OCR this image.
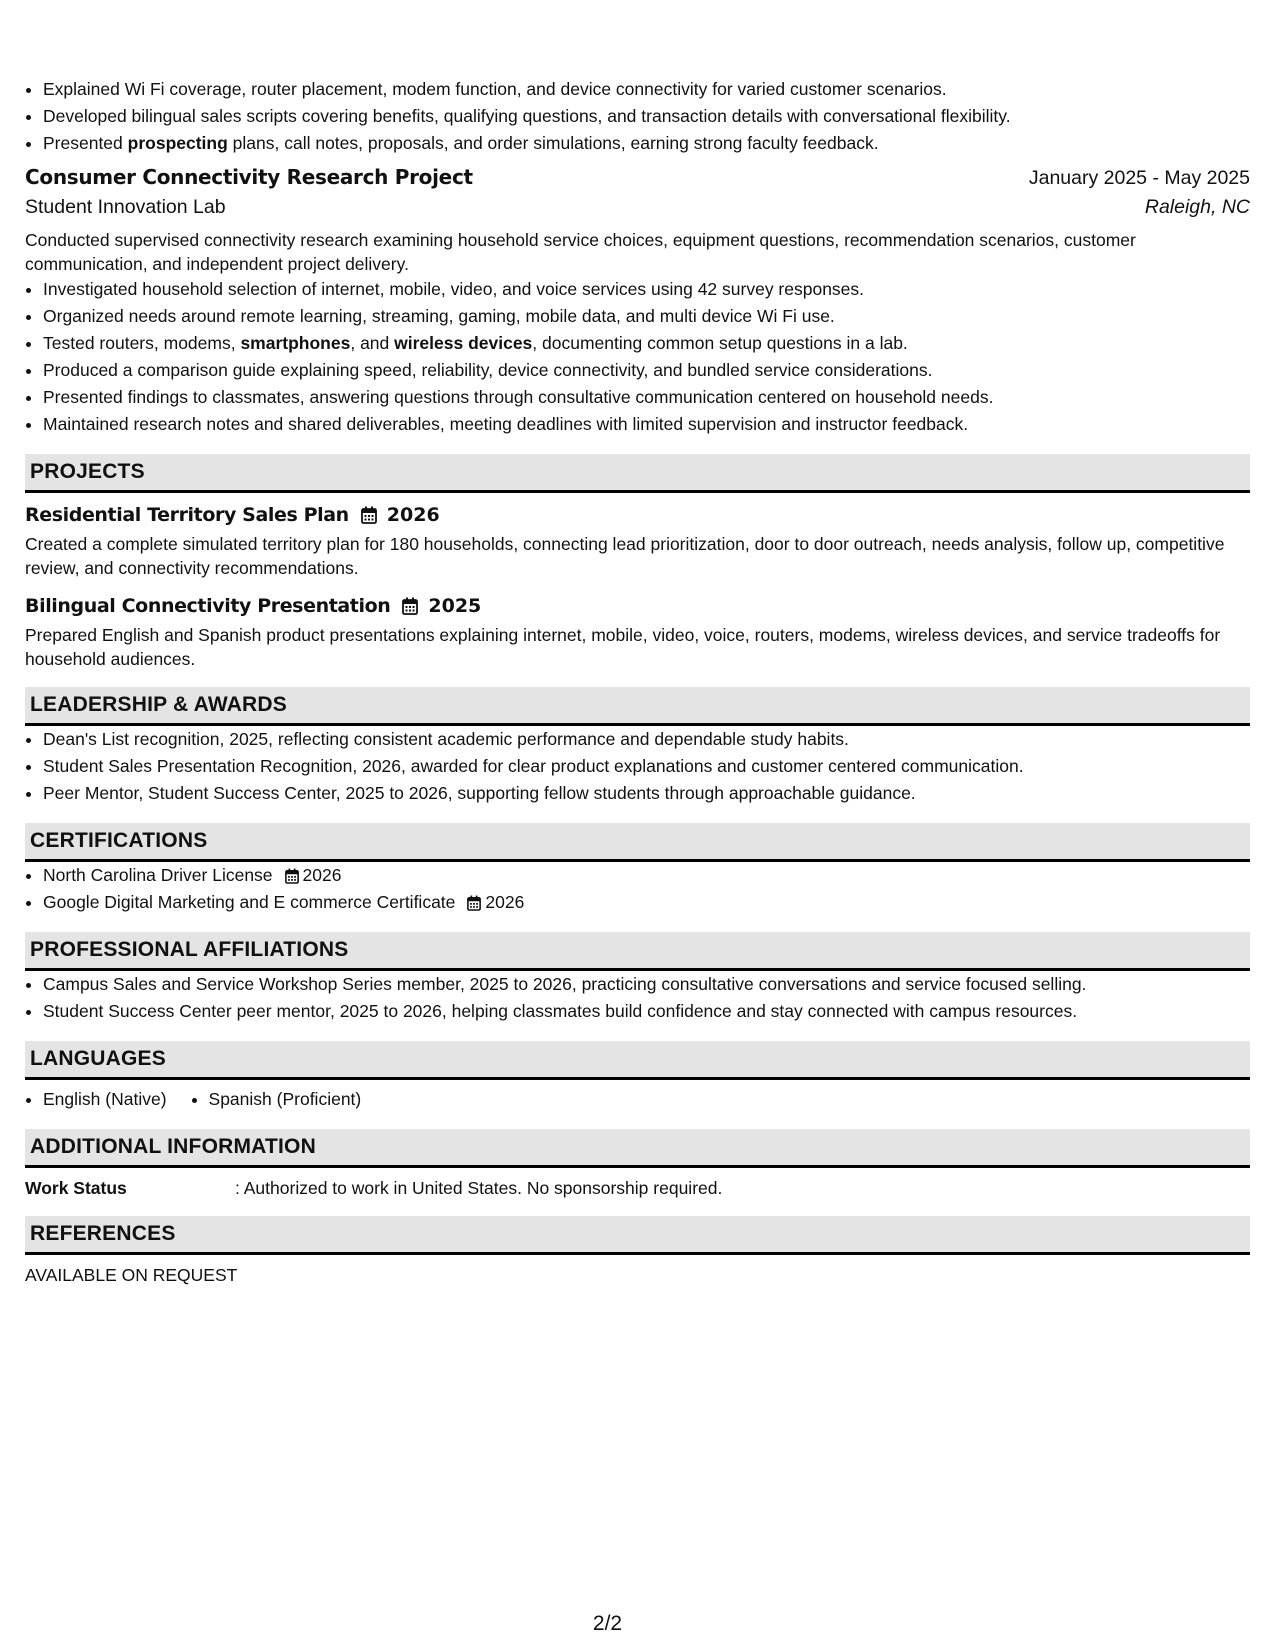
• Explained Wi Fi coverage, router placement, modem function, and device connectivity for varied customer scenarios.
• Developed bilingual sales scripts covering benefits, qualifying questions, and transaction details with conversational flexibility.
• Presented prospecting plans, call notes, proposals, and order simulations, earning strong faculty feedback.
Consumer Connectivity Research Project	January 2025 - May 2025
Student Innovation Lab	Raleigh, NC
Conducted supervised connectivity research examining household service choices, equipment questions, recommendation scenarios, customer communication, and independent project delivery.
• Investigated household selection of internet, mobile, video, and voice services using 42 survey responses.
• Organized needs around remote learning, streaming, gaming, mobile data, and multi device Wi Fi use.
• Tested routers, modems, smartphones, and wireless devices, documenting common setup questions in a lab.
• Produced a comparison guide explaining speed, reliability, device connectivity, and bundled service considerations.
• Presented findings to classmates, answering questions through consultative communication centered on household needs.
• Maintained research notes and shared deliverables, meeting deadlines with limited supervision and instructor feedback.
PROJECTS
Residential Territory Sales Plan 2026
Created a complete simulated territory plan for 180 households, connecting lead prioritization, door to door outreach, needs analysis, follow up, competitive review, and connectivity recommendations.
Bilingual Connectivity Presentation 2025
Prepared English and Spanish product presentations explaining internet, mobile, video, voice, routers, modems, wireless devices, and service tradeoffs for household audiences.
LEADERSHIP & AWARDS
• Dean's List recognition, 2025, reflecting consistent academic performance and dependable study habits.
• Student Sales Presentation Recognition, 2026, awarded for clear product explanations and customer centered communication.
• Peer Mentor, Student Success Center, 2025 to 2026, supporting fellow students through approachable guidance.
CERTIFICATIONS
• North Carolina Driver License 2026
• Google Digital Marketing and E commerce Certificate 2026
PROFESSIONAL AFFILIATIONS
• Campus Sales and Service Workshop Series member, 2025 to 2026, practicing consultative conversations and service focused selling.
• Student Success Center peer mentor, 2025 to 2026, helping classmates build confidence and stay connected with campus resources.
LANGUAGES
English (Native) Spanish (Proficient)
ADDITIONAL INFORMATION
Work Status	: Authorized to work in United States. No sponsorship required.
REFERENCES
AVAILABLE ON REQUEST
2/2
